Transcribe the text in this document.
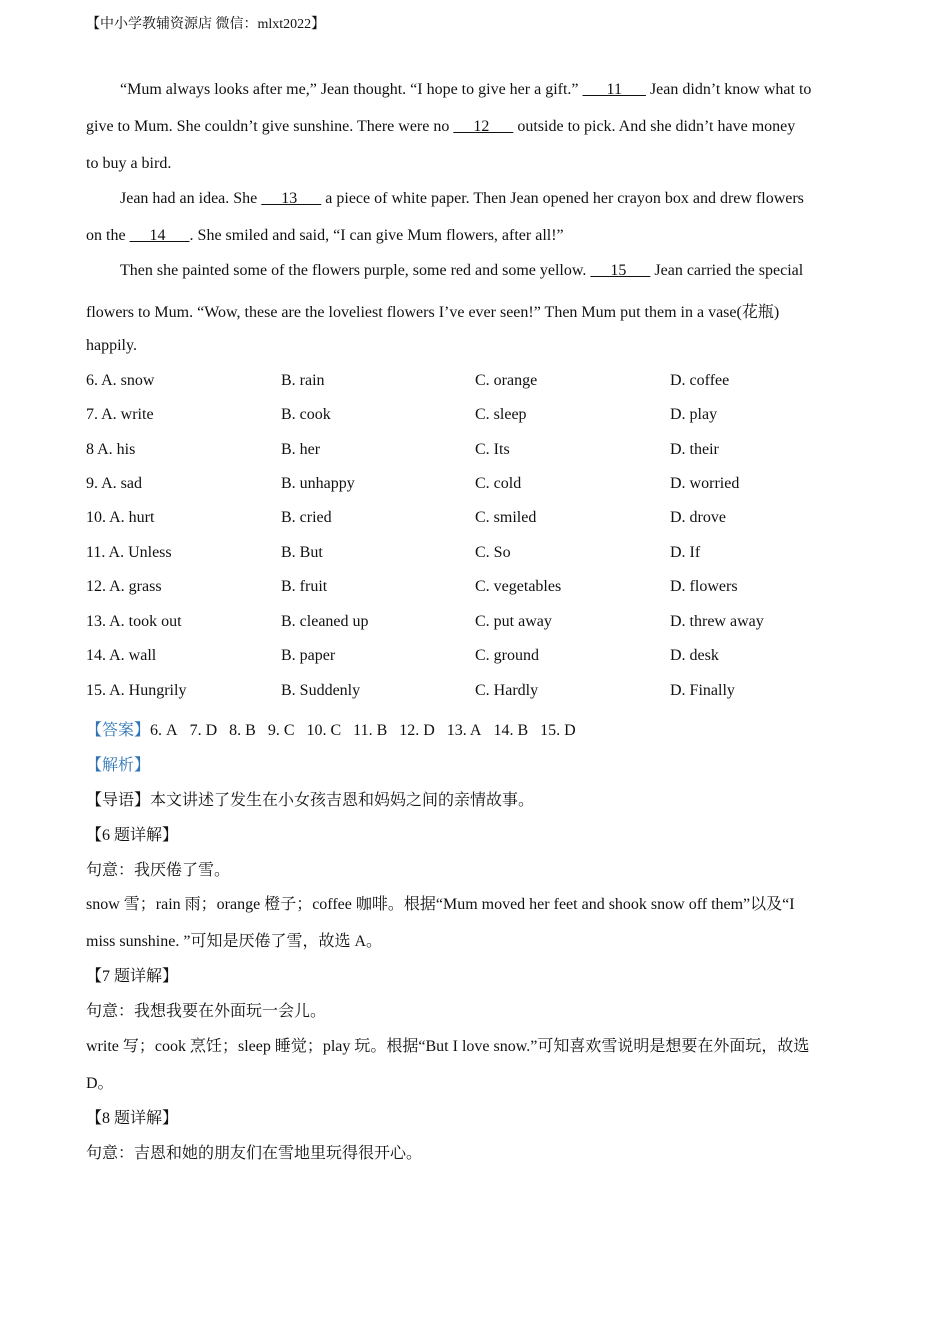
【中小学教辅资源店 微信：mlxt2022】
“Mum always looks after me,” Jean thought. “I hope to give her a gift.”       11       Jean didn’t know what to
give to Mum. She couldn’t give sunshine. There were no      12       outside to pick. And she didn’t have money
to buy a bird.
Jean had an idea. She      13       a piece of white paper. Then Jean opened her crayon box and drew flowers
on the      14      . She smiled and said, “I can give Mum flowers, after all!”
Then she painted some of the flowers purple, some red and some yellow.      15       Jean carried the special
flowers to Mum. “Wow, these are the loveliest flowers I’ve ever seen!” Then Mum put them in a vase(花瓶)
happily.
6. A. snow	B. rain	C. orange	D. coffee
7. A. write	B. cook	C. sleep	D. play
8 A. his	B. her	C. Its	D. their
9. A. sad	B. unhappy	C. cold	D. worried
10. A. hurt	B. cried	C. smiled	D. drove
11. A. Unless	B. But	C. So	D. If
12. A. grass	B. fruit	C. vegetables	D. flowers
13. A. took out	B. cleaned up	C. put away	D. threw away
14. A. wall	B. paper	C. ground	D. desk
15. A. Hungrily	B. Suddenly	C. Hardly	D. Finally
【答案】6. A 7. D 8. B 9. C 10. C 11. B 12. D 13. A 14. B 15. D
【解析】
【导语】本文讲述了发生在小女孩吉恩和妈妈之间的亲情故事。
【6 题详解】
句意：我厌倦了雪。
snow 雪；rain 雨；orange 橙子；coffee 咖啡。根据“Mum moved her feet and shook snow off them”以及“I
miss sunshine. ”可知是厌倦了雪，故选 A。
【7 题详解】
句意：我想我要在外面玩一会儿。
write 写；cook 烹饪；sleep 睡觉；play 玩。根据“But I love snow.”可知喜欢雪说明是想要在外面玩，故选
D。
【8 题详解】
句意：吉恩和她的朋友们在雪地里玩得很开心。
